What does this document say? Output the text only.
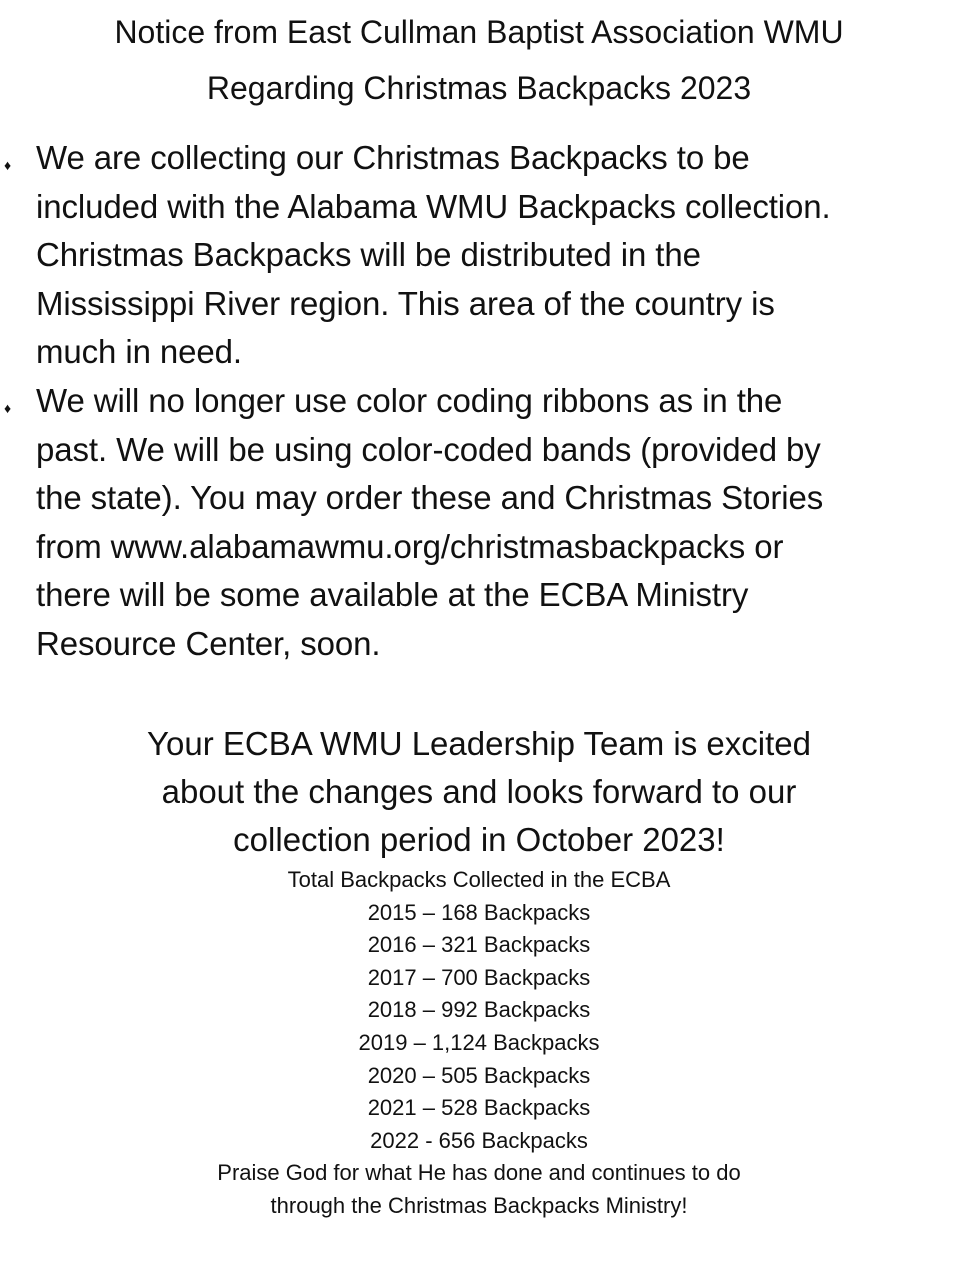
Notice from East Cullman Baptist Association WMU
Regarding Christmas Backpacks 2023
♦ We are collecting our Christmas Backpacks to be
included with the Alabama WMU Backpacks collection.
Christmas Backpacks will be distributed in the
Mississippi River region. This area of the country is
much in need.
♦ We will no longer use color coding ribbons as in the
past. We will be using color-coded bands (provided by
the state). You may order these and Christmas Stories
from www.alabamawmu.org/christmasbackpacks or
there will be some available at the ECBA Ministry
Resource Center, soon.
Your ECBA WMU Leadership Team is excited
about the changes and looks forward to our
collection period in October 2023!
Total Backpacks Collected in the ECBA
2015 – 168 Backpacks
2016 – 321 Backpacks
2017 – 700 Backpacks
2018 – 992 Backpacks
2019 – 1,124 Backpacks
2020 – 505 Backpacks
2021 – 528 Backpacks
2022 - 656 Backpacks
Praise God for what He has done and continues to do
through the Christmas Backpacks Ministry!
